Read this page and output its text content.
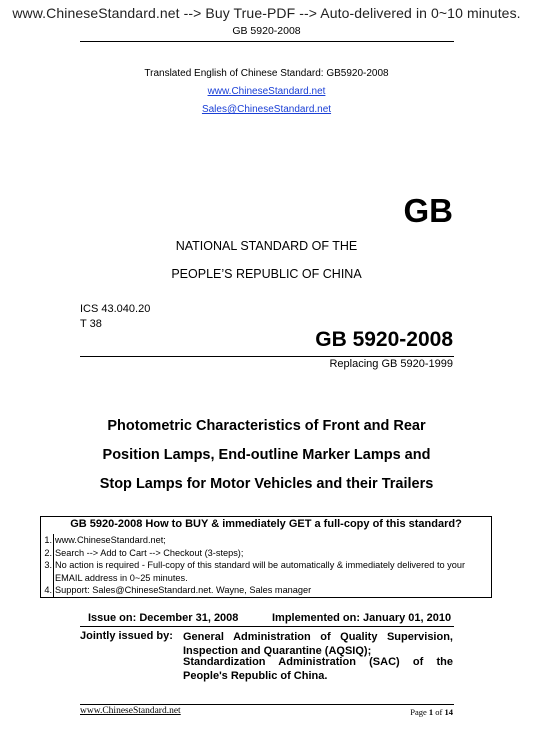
www.ChineseStandard.net --> Buy True-PDF --> Auto-delivered in 0~10 minutes.
GB 5920-2008
Translated English of Chinese Standard: GB5920-2008
www.ChineseStandard.net
Sales@ChineseStandard.net
GB
NATIONAL STANDARD OF THE
PEOPLE’S REPUBLIC OF CHINA
ICS 43.040.20
T 38
GB 5920-2008
Replacing GB 5920-1999
Photometric Characteristics of Front and Rear
Position Lamps, End-outline Marker Lamps and
Stop Lamps for Motor Vehicles and their Trailers
GB 5920-2008 How to BUY & immediately GET a full-copy of this standard?
1. www.ChineseStandard.net;
2. Search --> Add to Cart --> Checkout (3-steps);
3. No action is required - Full-copy of this standard will be automatically & immediately delivered to your EMAIL address in 0~25 minutes.
4. Support: Sales@ChineseStandard.net. Wayne, Sales manager
Issue on: December 31, 2008	Implemented on: January 01, 2010
Jointly issued by: General Administration of Quality Supervision, Inspection and Quarantine (AQSIQ);
Standardization Administration (SAC) of the People's Republic of China.
www.ChineseStandard.net	Page 1 of 14
